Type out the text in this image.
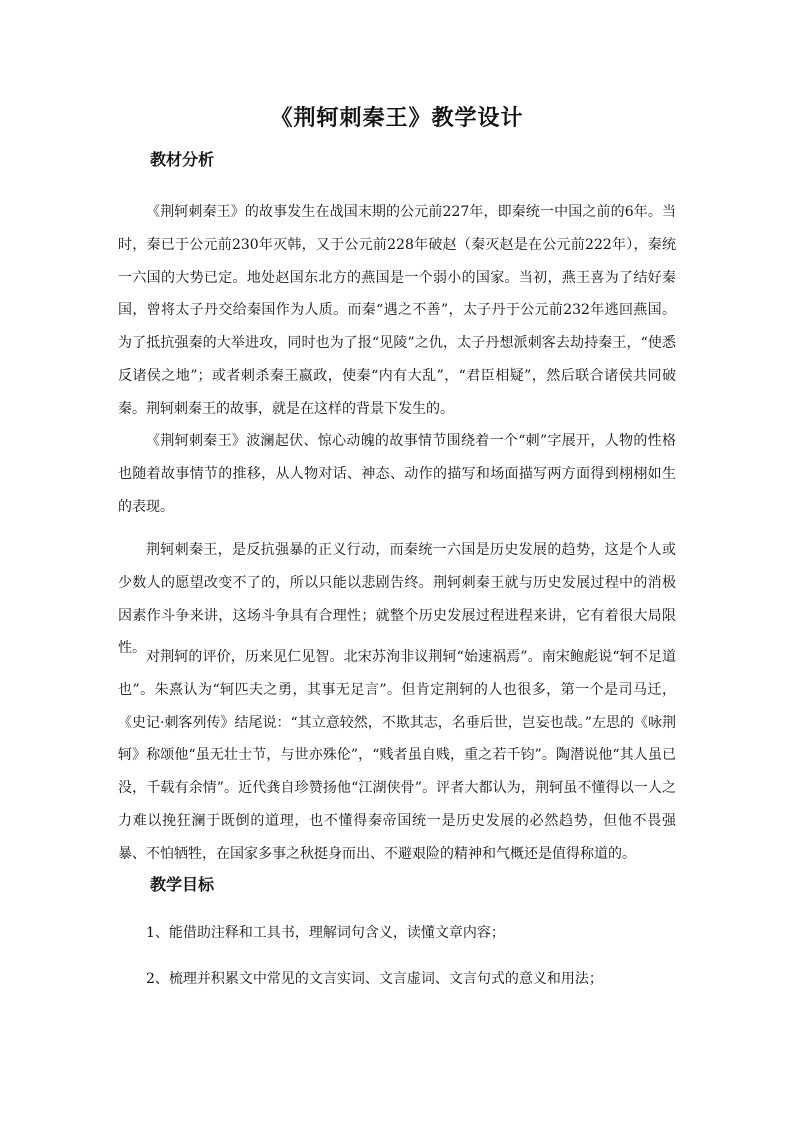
《荆轲刺秦王》教学设计
教材分析

《荆轲刺秦王》的故事发生在战国末期的公元前227年，即秦统一中国之前的6年。当时，秦已于公元前230年灭韩，又于公元前228年破赵（秦灭赵是在公元前222年），秦统一六国的大势已定。地处赵国东北方的燕国是一个弱小的国家。当初，燕王喜为了结好秦国，曾将太子丹交给秦国作为人质。而秦“遇之不善”，太子丹于公元前232年逃回燕国。为了抵抗强秦的大举进攻，同时也为了报“见陵”之仇，太子丹想派刺客去劫持秦王，“使悉反诸侯之地”；或者刺杀秦王嬴政，使秦“内有大乱”，“君臣相疑”，然后联合诸侯共同破秦。荆轲刺秦王的故事，就是在这样的背景下发生的。

《荆轲刺秦王》波澜起伏、惊心动魄的故事情节围绕着一个“刺”字展开，人物的性格也随着故事情节的推移，从人物对话、神态、动作的描写和场面描写两方面得到栩栩如生的表现。

荆轲刺秦王，是反抗强暴的正义行动，而秦统一六国是历史发展的趋势，这是个人或少数人的愿望改变不了的，所以只能以悲剧告终。荆轲刺秦王就与历史发展过程中的消极因素作斗争来讲，这场斗争具有合理性；就整个历史发展过程进程来讲，它有着很大局限性。

对荆轲的评价，历来见仁见智。北宋苏洵非议荆轲“始速祸焉”。南宋鲍彪说“轲不足道也”。朱熹认为“轲匹夫之勇，其事无足言”。但肯定荆轲的人也很多，第一个是司马迁，《史记·刺客列传》结尾说：“其立意较然，不欺其志，名垂后世，岂妄也哉。”左思的《咏荆轲》称颂他“虽无壮士节，与世亦殊伦”，“贱者虽自贱，重之若千钧”。陶潜说他“其人虽已没，千载有余情”。近代龚自珍赞扬他“江湖侠骨”。评者大都认为，荆轲虽不懂得以一人之力难以挽狂澜于既倒的道理，也不懂得秦帝国统一是历史发展的必然趋势，但他不畏强暴、不怕牺牲，在国家多事之秋挺身而出、不避艰险的精神和气概还是值得称道的。

教学目标

1、能借助注释和工具书，理解词句含义，读懂文章内容；

2、梳理并积累文中常见的文言实词、文言虚词、文言句式的意义和用法；
